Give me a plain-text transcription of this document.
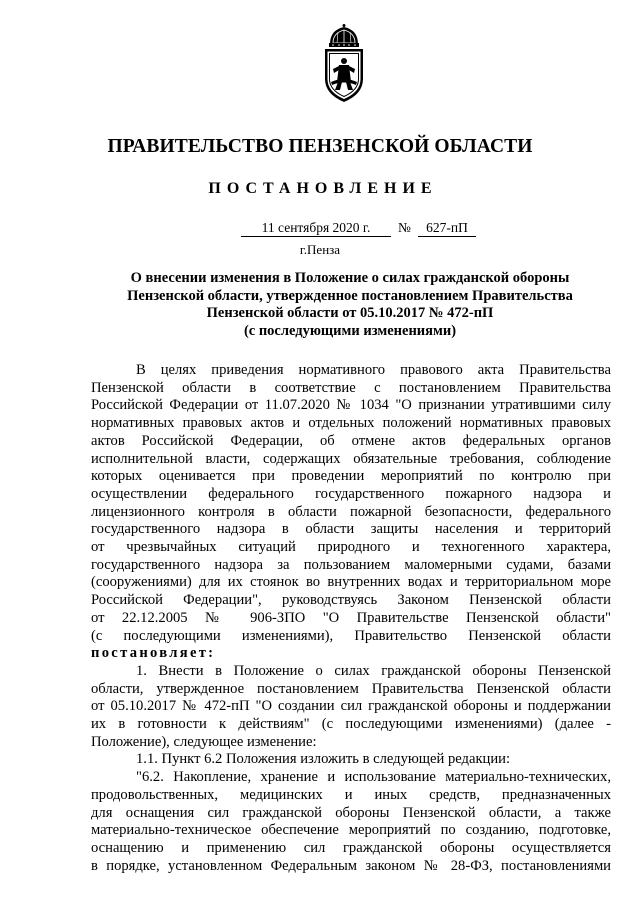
ПРАВИТЕЛЬСТВО ПЕНЗЕНСКОЙ ОБЛАСТИ
ПОСТАНОВЛЕНИЕ
11 сентября 2020 г.	№	627-пП
г.Пенза
О внесении изменения в Положение о силах гражданской обороны
Пензенской области, утвержденное постановлением Правительства
Пензенской области от 05.10.2017 № 472-пП
(с последующими изменениями)

В целях приведения нормативного правового акта Правительства

Пензенской области в соответствие с постановлением Правительства

Российской Федерации от 11.07.2020 № 1034 "О признании утратившими силу

нормативных правовых актов и отдельных положений нормативных правовых

актов Российской Федерации, об отмене актов федеральных органов

исполнительной власти, содержащих обязательные требования, соблюдение

которых оценивается при проведении мероприятий по контролю при

осуществлении федерального государственного пожарного надзора и

лицензионного контроля в области пожарной безопасности, федерального

государственного надзора в области защиты населения и территорий

от чрезвычайных ситуаций природного и техногенного характера,

государственного надзора за пользованием маломерными судами, базами

(сооружениями) для их стоянок во внутренних водах и территориальном море

Российской Федерации", руководствуясь Законом Пензенской области

от 22.12.2005 № 906-ЗПО "О Правительстве Пензенской области"

(с последующими изменениями), Правительство Пензенской области

постановляет:

1. Внести в Положение о силах гражданской обороны Пензенской

области, утвержденное постановлением Правительства Пензенской области

от 05.10.2017 № 472-пП "О создании сил гражданской обороны и поддержании

их в готовности к действиям" (с последующими изменениями) (далее -

Положение), следующее изменение:

1.1. Пункт 6.2 Положения изложить в следующей редакции:

"6.2. Накопление, хранение и использование материально-технических,

продовольственных, медицинских и иных средств, предназначенных

для оснащения сил гражданской обороны Пензенской области, а также

материально-техническое обеспечение мероприятий по созданию, подготовке,

оснащению и применению сил гражданской обороны осуществляется

в порядке, установленном Федеральным законом № 28-ФЗ, постановлениями
